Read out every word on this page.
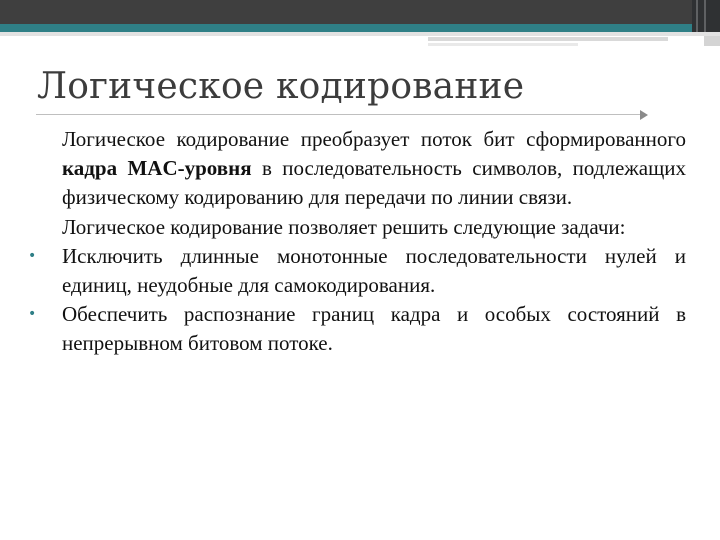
Логическое кодирование

Логическое кодирование преобразует поток бит сформированного кадра MAC-уровня в последовательность символов, подлежащих физическому кодированию для передачи по линии связи.

Логическое кодирование позволяет решить следующие задачи:

• Исключить длинные монотонные последовательности нулей и единиц, неудобные для самокодирования.
• Обеспечить распознание границ кадра и особых состояний в непрерывном битовом потоке.
